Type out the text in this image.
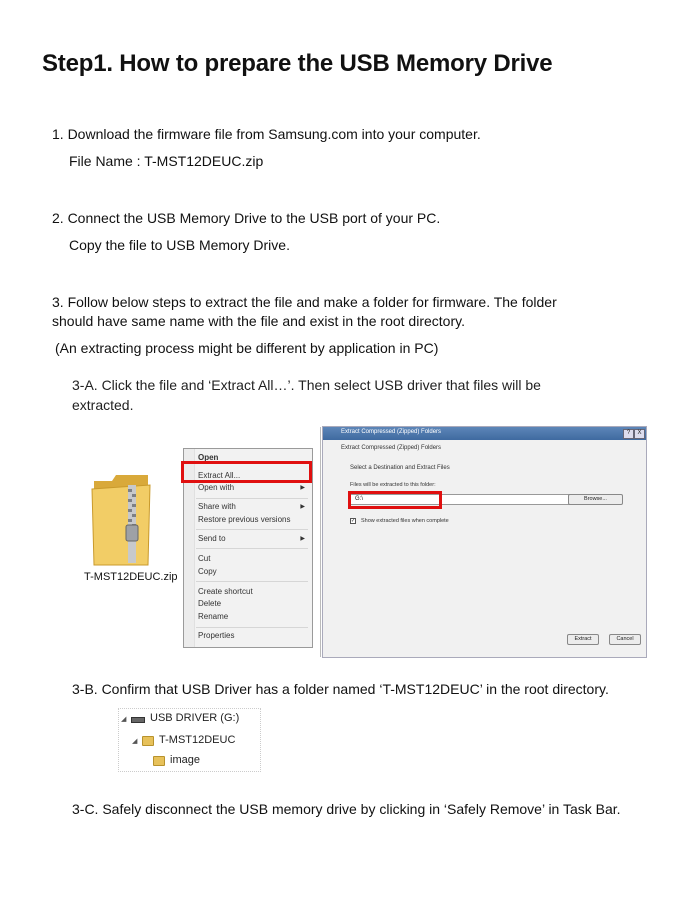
Step1. How to prepare the USB Memory Drive
1. Download the firmware file from Samsung.com into your computer.
File Name : T-MST12DEUC.zip
2. Connect the USB Memory Drive to the USB port of your PC.
Copy the file to USB Memory Drive.
3. Follow below steps to extract the file and make a folder for firmware. The folder
should have same name with the file and exist in the root directory.
(An extracting process might be different by application in PC)
3-A. Click the file and ‘Extract All…’. Then select USB driver that files will be
extracted.
T-MST12DEUC.zip
Open
Extract All...
Open with	▶
Share with	▶
Restore previous versions
Send to	▶
Cut
Copy
Create shortcut
Delete
Rename
Properties
Extract Compressed (Zipped) Folders	?	X
Extract Compressed (Zipped) Folders
Select a Destination and Extract Files
Files will be extracted to this folder:
G:\	Browse...
✓ Show extracted files when complete
Extract	Cancel
3-B. Confirm that USB Driver has a folder named ‘T-MST12DEUC’ in the root directory.
◢ USB DRIVER (G:)
◢ T-MST12DEUC
image
3-C. Safely disconnect the USB memory drive by clicking in ‘Safely Remove’ in Task Bar.
